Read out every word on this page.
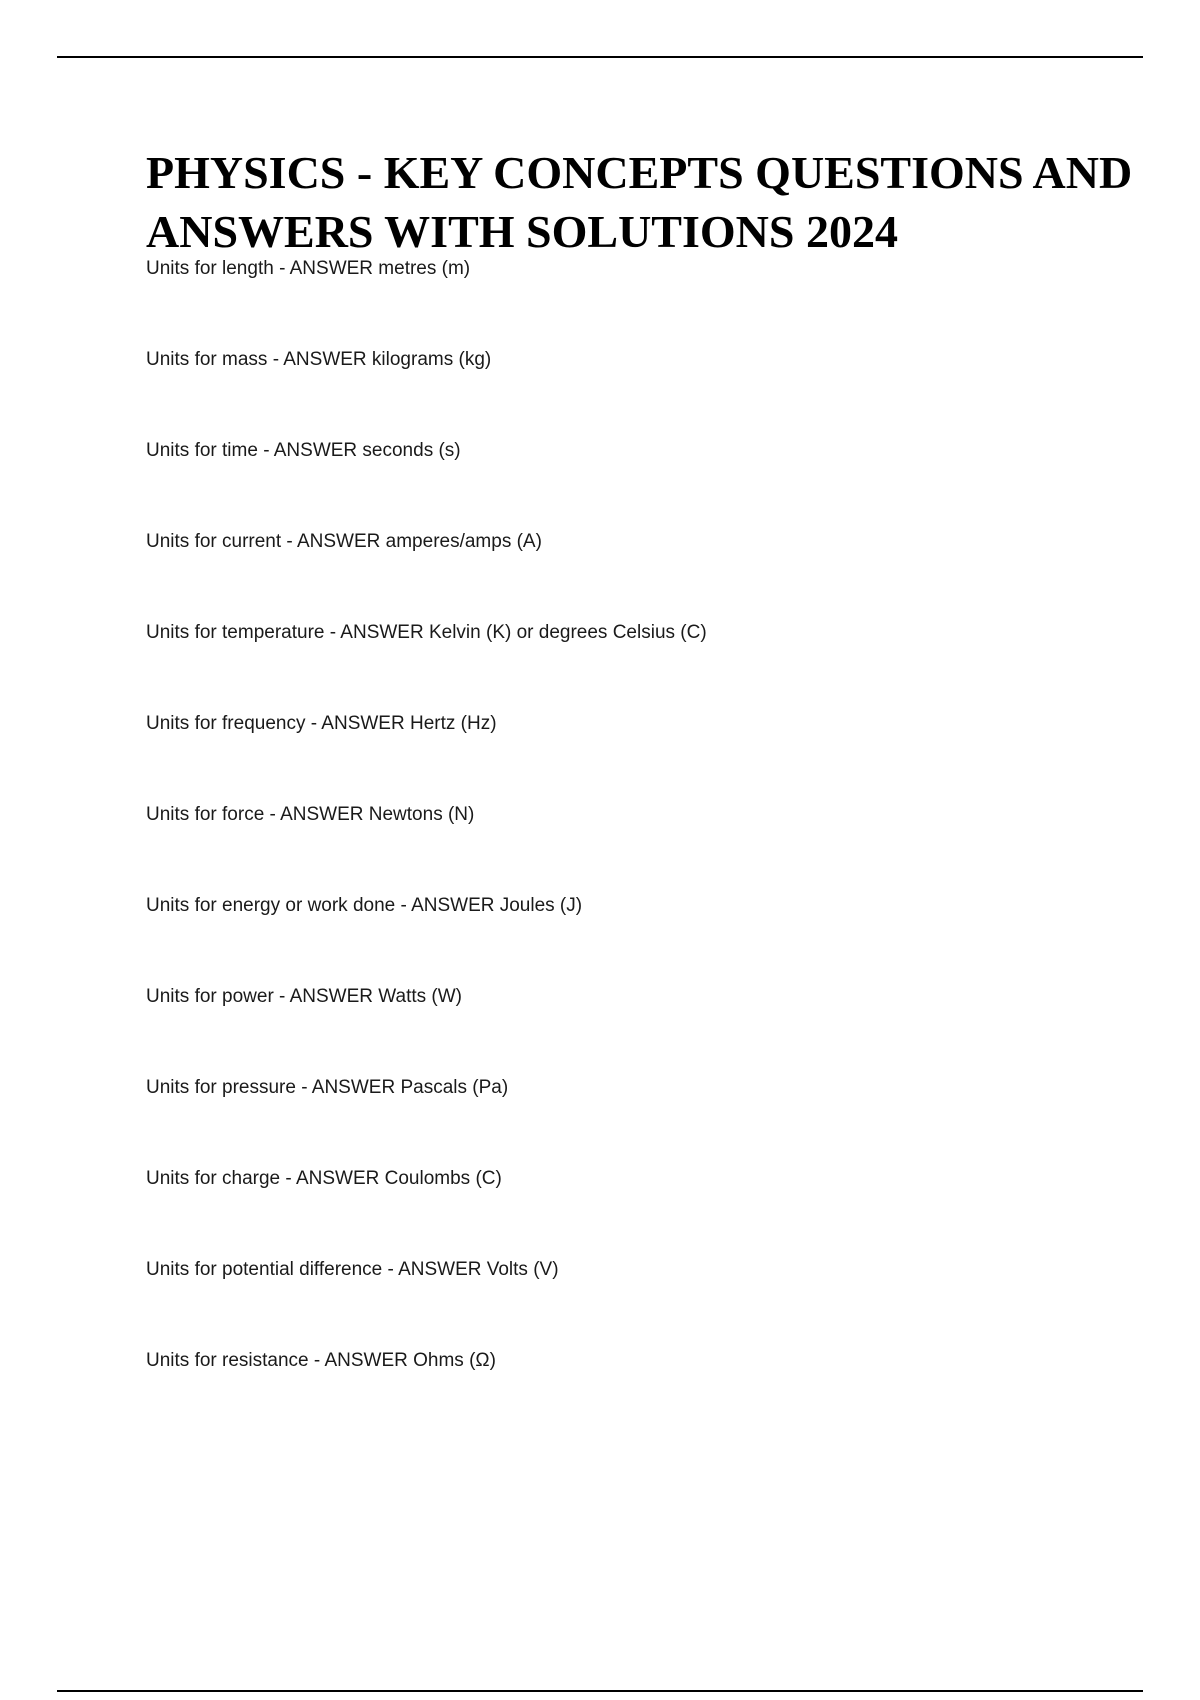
PHYSICS - KEY CONCEPTS QUESTIONS AND ANSWERS WITH SOLUTIONS 2024
Units for length - ANSWER metres (m)
Units for mass - ANSWER kilograms (kg)
Units for time - ANSWER seconds (s)
Units for current - ANSWER amperes/amps (A)
Units for temperature - ANSWER Kelvin (K) or degrees Celsius (C)
Units for frequency - ANSWER Hertz (Hz)
Units for force - ANSWER Newtons (N)
Units for energy or work done - ANSWER Joules (J)
Units for power - ANSWER Watts (W)
Units for pressure - ANSWER Pascals (Pa)
Units for charge - ANSWER Coulombs (C)
Units for potential difference - ANSWER Volts (V)
Units for resistance - ANSWER Ohms (Ω)
